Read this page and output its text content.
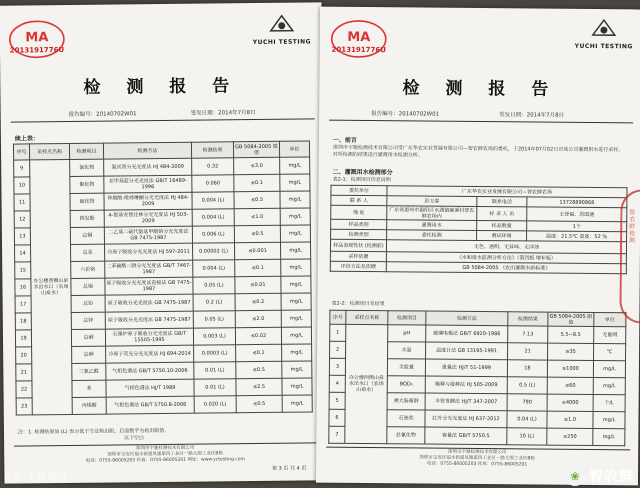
MA
2013191776U
YUCHI TESTING
检 测 报 告
报告编号：20140702W01	签发日期：2014年7月8日
续上表：
序号	采样点名称	检测项目	检测方法	检测结果	GB 5084-2005 限值	单位
9	办公楼西侧山泉水出水口（农场山泉水）	氰化物	氰试剂分光光度法 HJ 484-2009	0.32	≤3.0	mg/L
10		氟化物	亚甲基蓝分光光度法 GB/T 16489-1996	0.060	≤0.1	mg/L
11		硫化物	异烟酸-吡唑啉酮分光光度法 HJ 484-2009	0.004 (L)	≤0.5	mg/L
12		挥发酚	4-氨基安替比林分光光度法 HJ 503-2009	0.004 (L)	≤1.0	mg/L
13		总铜	二乙基二硫代氨基甲酸钠分光光度法 GB 7475-1987	0.006 (L)	≤0.5	mg/L
14		总汞	冷原子吸收分光光度法 HJ 597-2011	0.00002 (L)	≤0.001	mg/L
15		六价铬	二苯碳酰二肼分光光度法 GB/T 7467-1987	0.004 (L)	≤0.1	mg/L
16		总镉	原子吸收分光光度法直接法 GB 7475-1987	0.05 (L)	≤0.01	mg/L
17		总铅	原子吸收分光光度法 GB 7475-1987	0.2 (L)	≤0.2	mg/L
18		总锌	原子吸收分光光度法 GB 7475-1987	0.05 (L)	≤2.0	mg/L
19		总硒	石墨炉原子吸收分光光度法 GB/T 15505-1995	0.003 (L)	≤0.02	mg/L
20		总砷	冷原子荧光分光光度法 HJ 694-2014	0.0003 (L)	≤0.1	mg/L
21		三氯乙醛	气相色谱法 GB/T 5750.10-2006	0.01 (L)	≤0.5	mg/L
22		苯	气相色谱法 HJ/T 1989	0.01 (L)	≤2.5	mg/L
23		丙烯醛	气相色谱法 GB/T 5750.8-2006	0.020 (L)	≤0.5	mg/L
注：1. 检测结果加 (L) 表示低于方法检出限，后面数字为检出限值。
以下空白
深圳市宇驰检测技术有限公司
深圳市宝安区福永街道凤凰第四工业区一路大围工业区B栋
电话：0755-86005203 传真：0755-86005201 网址：www.yctesting.com
第 3 页 共 4 页
MA
2013191776U	YUCHI TESTING
检 测 报 告
报告编号：20140702W01	签发日期：2014年7月8日
一、前言
深圳市宇驰检测技术有限公司受广东华农实业发展有限公司—智农鲜农场的委托，于2014年07月02日对该公司灌溉用水进行采样，对所检测的结果进行灌溉用水检测分析。
二、灌溉用水检测部分
表2-1：检测项目信息说明
委托单位	广东华农实业发展有限公司—智农鲜农场		
联 系 人	彭万春	联系电话	13728890868
地 址	广东省惠州市惠阳区永湖镇麻溪村智农鲜农场内	样 采 人 员	王登福、洪国通
样品类别	灌溉用水	样品数量	1个
检测类别	委托检测	测试环境	温度：21.5℃ 湿度：52 %
样品表观性状 (检测前)	无色、透明、无异味、无浮油		
采样依据	《水和废水监测分析方法》（第四版 增补版）		
评价方法及依据	GB 5084-2005 《农田灌溉水质标准》		
表2-2：检测项目及结果
序号	采样点名称	检测项目	检测方法	检测结果	GB 5084-2005 限值	单位
1	办公楼西侧山泉水出水口（农场山泉水）	pH	玻璃电极法 GB/T 6920-1986	7.13	5.5~8.5	无量纲
2		水温	温度计法 GB 13195-1991	21	≤35	℃
3		全盐量	重量法 HJ/T 51-1999	18	≤1000	mg/L
4		BOD₅	稀释与接种法 HJ 505-2009	0.5 (L)	≤60	mg/L
5		粪大肠菌群	多管发酵法 HJ/T 347-2007	790	≤4000	个/L
6		石油类	红外分光光度法 HJ 637-2012	0.04 (L)	≤1.0	mg/L
7		总氰化物	容量法 GB/T 5750.5	10 (L)	≤250	mg/L
深圳市宇驰检测技术有限公司
深圳市宝安区福永街道凤凰第四工业区一路大围工业区B栋
电话：0755-86005203 传真：0755-86005201
智农鲜检测
K © 大救驾国	❀ 智农鲜
